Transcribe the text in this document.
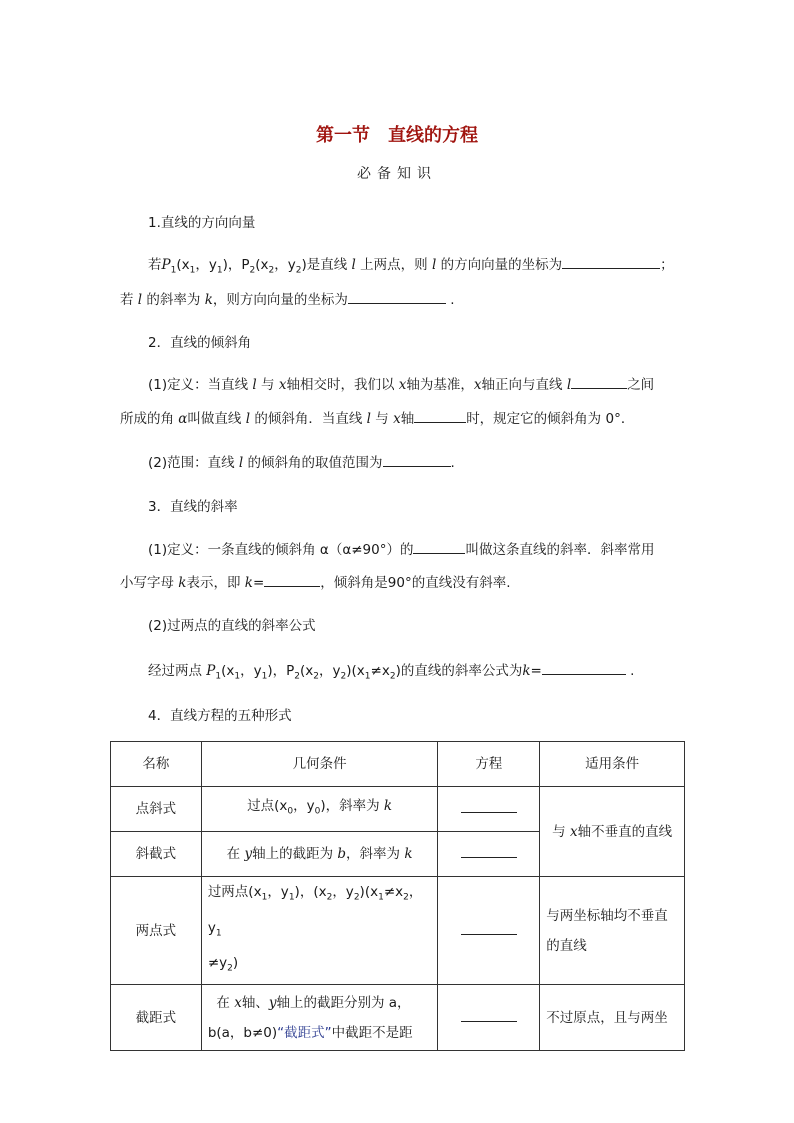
第一节　直线的方程
必备知识
1.直线的方向向量
若$P_1(x_1$，$y_1$)，$P_2(x_2$，$y_2$)是直线 l 上两点，则 l 的方向向量的坐标为	；
若 l 的斜率为 k，则方向向量的坐标为	.
2．直线的倾斜角
(1)定义：当直线 l 与 x轴相交时，我们以 x轴为基准，x轴正向与直线 l	之间
所成的角 α叫做直线 l 的倾斜角．当直线 l 与 x轴	时，规定它的倾斜角为 0°．
(2)范围：直线 l 的倾斜角的取值范围为	.
3．直线的斜率
(1)定义：一条直线的倾斜角 α（α≠90°）的	叫做这条直线的斜率．斜率常用
小写字母 k表示，即 k=	，倾斜角是90°的直线没有斜率.
(2)过两点的直线的斜率公式
经过两点 $P_1(x_1$，$y_1$)，$P_2(x_2$，$y_2)(x_1\ne x_2)$的直线的斜率公式为k=	.
4．直线方程的五种形式
名称	几何条件	方程	适用条件
点斜式	过点($x_0$，$y_0$)，斜率为 k		与 x轴不垂直的直线
斜截式	在 y轴上的截距为 b，斜率为 k		
两点式	过两点($x_1$，$y_1$)，($x_2$，$y_2)(x_1\ne x_2$，$y_1$
$\ne y_2$)		与两坐标轴均不垂直
的直线
截距式	在 x轴、y轴上的截距分别为 a，
b(a，b≠0)“截距式”中截距不是距		不过原点，且与两坐
